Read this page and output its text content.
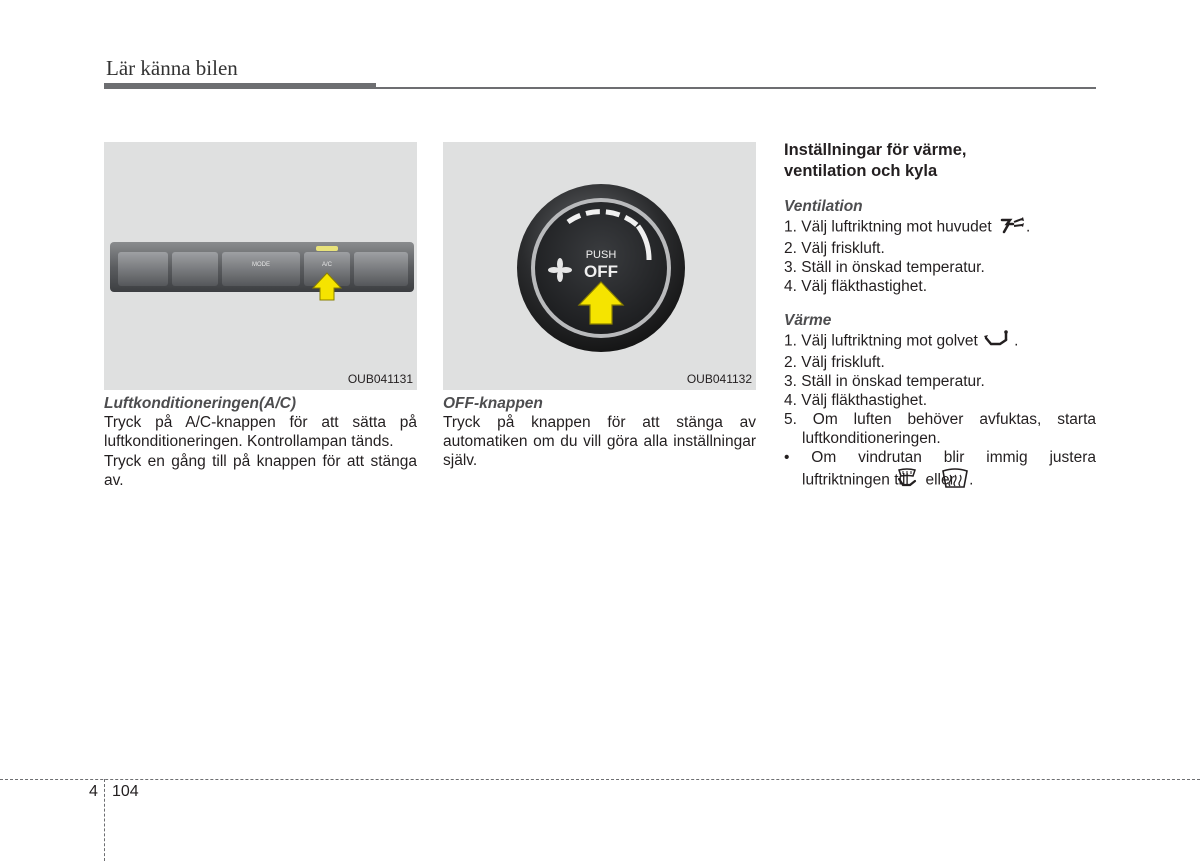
Lär känna bilen
MODE	A/C
OUB041131
PUSH
OFF
OUB041132

Luftkonditioneringen(A/C)

Tryck på A/C-knappen för att sätta på luftkonditioneringen. Kontrollampan tänds.

Tryck en gång till på knappen för att stänga av.

OFF-knappen

Tryck på knappen för att stänga av automatiken om du vill göra alla inställningar själv.

Inställningar för värme,

ventilation och kyla

Ventilation

1. Välj luftriktning mot huvudet .

2. Välj friskluft.

3. Ställ in önskad temperatur.

4. Välj fläkthastighet.

Värme

1. Välj luftriktning mot golvet .

2. Välj friskluft.

3. Ställ in önskad temperatur.

4. Välj fläkthastighet.

5. Om luften behöver avfuktas, starta luftkonditioneringen.

• Om vindrutan blir immig justera luftriktningen till eller .

4 104
